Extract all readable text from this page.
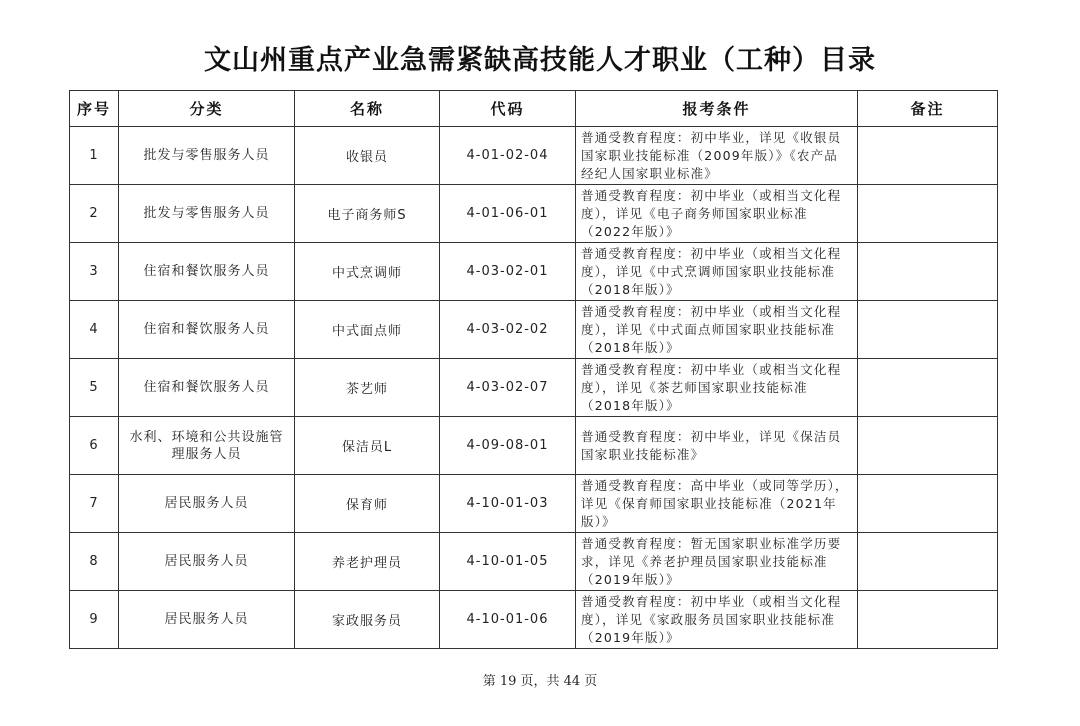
文山州重点产业急需紧缺高技能人才职业（工种）目录
序号	分类	名称	代码	报考条件	备注
1	批发与零售服务人员	收银员	4-01-02-04	普通受教育程度：初中毕业，详见《收银员国家职业技能标准（2009年版）》《农产品经纪人国家职业标准》	
2	批发与零售服务人员	电子商务师S	4-01-06-01	普通受教育程度：初中毕业（或相当文化程度），详见《电子商务师国家职业标准（2022年版）》	
3	住宿和餐饮服务人员	中式烹调师	4-03-02-01	普通受教育程度：初中毕业（或相当文化程度），详见《中式烹调师国家职业技能标准（2018年版）》	
4	住宿和餐饮服务人员	中式面点师	4-03-02-02	普通受教育程度：初中毕业（或相当文化程度），详见《中式面点师国家职业技能标准（2018年版）》	
5	住宿和餐饮服务人员	茶艺师	4-03-02-07	普通受教育程度：初中毕业（或相当文化程度），详见《茶艺师国家职业技能标准（2018年版）》	
6	水利、环境和公共设施管理服务人员	保洁员L	4-09-08-01	普通受教育程度：初中毕业，详见《保洁员国家职业技能标准》	
7	居民服务人员	保育师	4-10-01-03	普通受教育程度：高中毕业（或同等学历），详见《保育师国家职业技能标准（2021年版）》	
8	居民服务人员	养老护理员	4-10-01-05	普通受教育程度：暂无国家职业标准学历要求，详见《养老护理员国家职业技能标准（2019年版）》	
9	居民服务人员	家政服务员	4-10-01-06	普通受教育程度：初中毕业（或相当文化程度），详见《家政服务员国家职业技能标准（2019年版）》	
第 19 页，共 44 页
